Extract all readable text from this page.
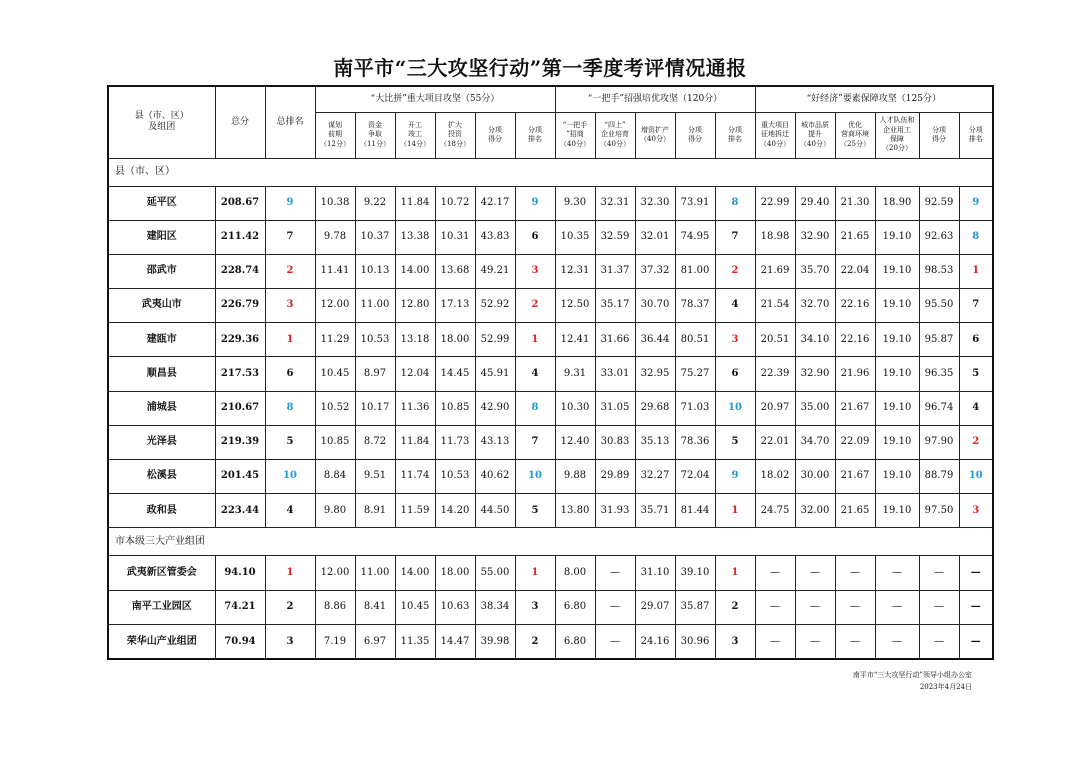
南平市“三大攻坚行动”第一季度考评情况通报
县（市、区）
及组团	总分	总排名	“大比拼”重大项目攻坚（55分）						“一把手”招强培优攻坚（120分）					“好经济”要素保障攻坚（125分）					
			谋划
前期
（12分）	资金
争取
（11分）	开工
竣工
（14分）	扩大
投资
（18分）	分项
得分	分项
排名	“一把手
”招商
（40分）	“四上”
企业培育
（40分）	增资扩产
（40分）	分项
得分	分项
排名	重大项目
征地拆迁
（40分）	城市品质
提升
（40分）	优化
营商环境
（25分）	人才队伍和
企业用工
保障
（20分）	分项
得分	分项
排名
县（市、区）																			
延平区	208.67	9	10.38	9.22	11.84	10.72	42.17	9	9.30	32.31	32.30	73.91	8	22.99	29.40	21.30	18.90	92.59	9
建阳区	211.42	7	9.78	10.37	13.38	10.31	43.83	6	10.35	32.59	32.01	74.95	7	18.98	32.90	21.65	19.10	92.63	8
邵武市	228.74	2	11.41	10.13	14.00	13.68	49.21	3	12.31	31.37	37.32	81.00	2	21.69	35.70	22.04	19.10	98.53	1
武夷山市	226.79	3	12.00	11.00	12.80	17.13	52.92	2	12.50	35.17	30.70	78.37	4	21.54	32.70	22.16	19.10	95.50	7
建瓯市	229.36	1	11.29	10.53	13.18	18.00	52.99	1	12.41	31.66	36.44	80.51	3	20.51	34.10	22.16	19.10	95.87	6
顺昌县	217.53	6	10.45	8.97	12.04	14.45	45.91	4	9.31	33.01	32.95	75.27	6	22.39	32.90	21.96	19.10	96.35	5
浦城县	210.67	8	10.52	10.17	11.36	10.85	42.90	8	10.30	31.05	29.68	71.03	10	20.97	35.00	21.67	19.10	96.74	4
光泽县	219.39	5	10.85	8.72	11.84	11.73	43.13	7	12.40	30.83	35.13	78.36	5	22.01	34.70	22.09	19.10	97.90	2
松溪县	201.45	10	8.84	9.51	11.74	10.53	40.62	10	9.88	29.89	32.27	72.04	9	18.02	30.00	21.67	19.10	88.79	10
政和县	223.44	4	9.80	8.91	11.59	14.20	44.50	5	13.80	31.93	35.71	81.44	1	24.75	32.00	21.65	19.10	97.50	3
市本级三大产业组团																			
武夷新区管委会	94.10	1	12.00	11.00	14.00	18.00	55.00	1	8.00	—	31.10	39.10	1	—	—	—	—	—	—
南平工业园区	74.21	2	8.86	8.41	10.45	10.63	38.34	3	6.80	—	29.07	35.87	2	—	—	—	—	—	—
荣华山产业组团	70.94	3	7.19	6.97	11.35	14.47	39.98	2	6.80	—	24.16	30.96	3	—	—	—	—	—	—
南平市“三大攻坚行动”领导小组办公室
2023年4月24日
